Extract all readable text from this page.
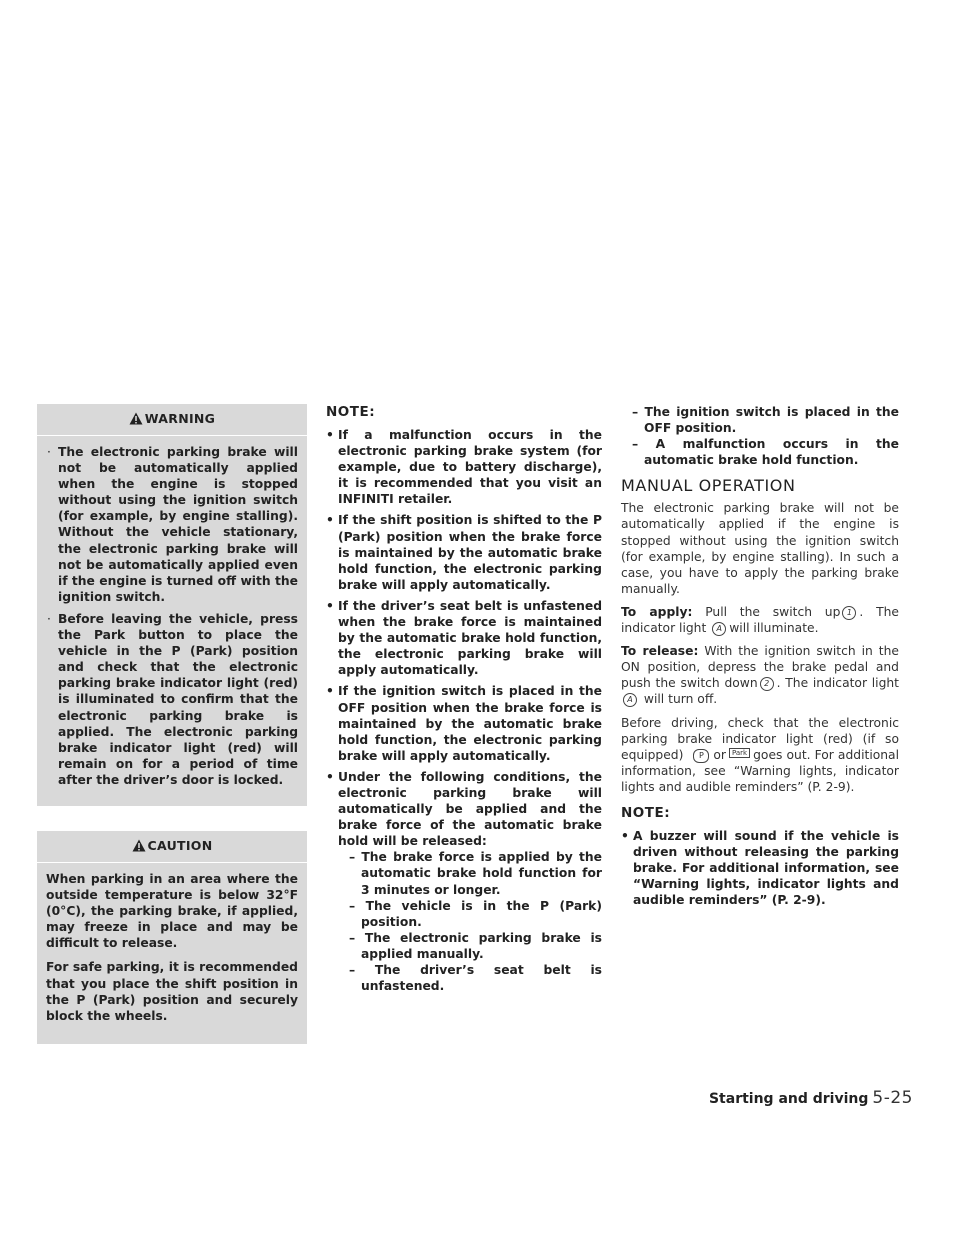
WARNING
· The electronic parking brake will not be automatically applied when the engine is stopped without using the ignition switch (for example, by engine stalling). Without the vehicle stationary, the electronic parking brake will not be automatically applied even if the engine is turned off with the ignition switch.
· Before leaving the vehicle, press the Park button to place the vehicle in the P (Park) position and check that the electronic parking brake indicator light (red) is illuminated to confirm that the electronic parking brake is applied. The electronic parking brake indicator light (red) will remain on for a period of time after the driver’s door is locked.
CAUTION

When parking in an area where the outside temperature is below 32°F (0°C), the parking brake, if applied, may freeze in place and may be difficult to release.

For safe parking, it is recommended that you place the shift position in the P (Park) position and securely block the wheels.

NOTE:
• If a malfunction occurs in the electronic parking brake system (for example, due to battery discharge), it is recommended that you visit an INFINITI retailer.
• If the shift position is shifted to the P (Park) position when the brake force is maintained by the automatic brake hold function, the electronic parking brake will apply automatically.
• If the driver’s seat belt is unfastened when the brake force is maintained by the automatic brake hold function, the electronic parking brake will apply automatically.
• If the ignition switch is placed in the OFF position when the brake force is maintained by the automatic brake hold function, the electronic parking brake will apply automatically.
• Under the following conditions, the electronic parking brake will automatically be applied and the brake force of the automatic brake hold will be released:
– The brake force is applied by the automatic brake hold function for 3 minutes or longer.
– The vehicle is in the P (Park) position.
– The electronic parking brake is applied manually.
– The driver’s seat belt is unfastened.
– The ignition switch is placed in the OFF position.
– A malfunction occurs in the automatic brake hold function.
MANUAL OPERATION

The electronic parking brake will not be automatically applied if the engine is stopped without using the ignition switch (for example, by engine stalling). In such a case, you have to apply the parking brake manually.

To apply: Pull the switch up 1 . The indicator light A will illuminate.

To release: With the ignition switch in the ON position, depress the brake pedal and push the switch down 2 . The indicator lightA will turn off.

Before driving, check that the electronic parking brake indicator light (red) (if so equipped) P or Park goes out. For additional information, see “Warning lights, indicator lights and audible reminders” (P. 2-9).

NOTE:
• A buzzer will sound if the vehicle is driven without releasing the parking brake. For additional information, see “Warning lights, indicator lights and audible reminders” (P. 2-9).
Starting and driving 5-25
